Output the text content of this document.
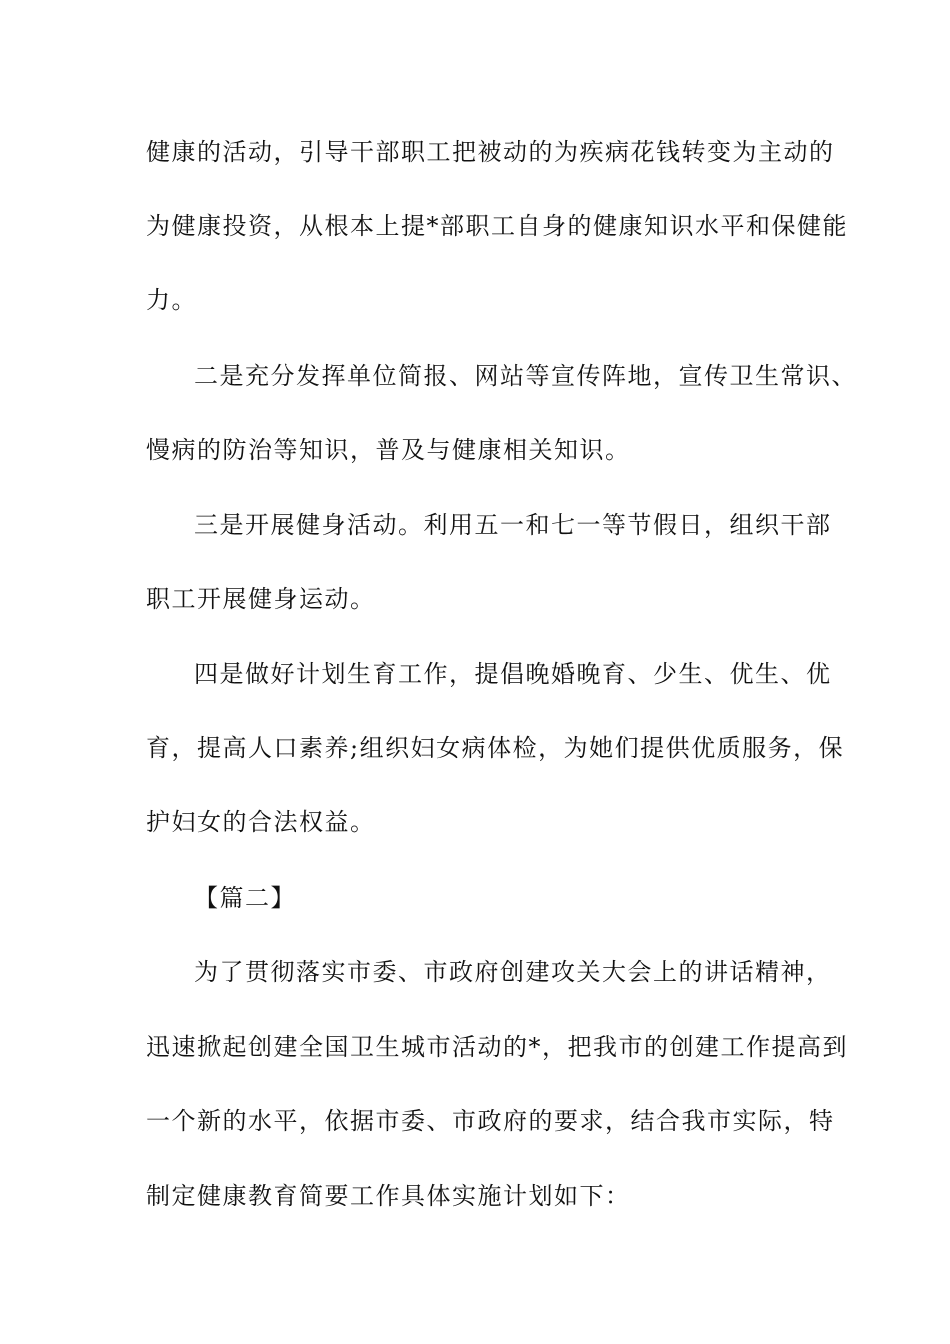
健康的活动，引导干部职工把被动的为疾病花钱转变为主动的
为健康投资，从根本上提*部职工自身的健康知识水平和保健能
力。
二是充分发挥单位简报、网站等宣传阵地，宣传卫生常识、
慢病的防治等知识，普及与健康相关知识。
三是开展健身活动。利用五一和七一等节假日，组织干部
职工开展健身运动。
四是做好计划生育工作，提倡晚婚晚育、少生、优生、优
育，提高人口素养;组织妇女病体检，为她们提供优质服务，保
护妇女的合法权益。
【篇二】
为了贯彻落实市委、市政府创建攻关大会上的讲话精神，
迅速掀起创建全国卫生城市活动的*，把我市的创建工作提高到
一个新的水平，依据市委、市政府的要求，结合我市实际，特
制定健康教育简要工作具体实施计划如下：
